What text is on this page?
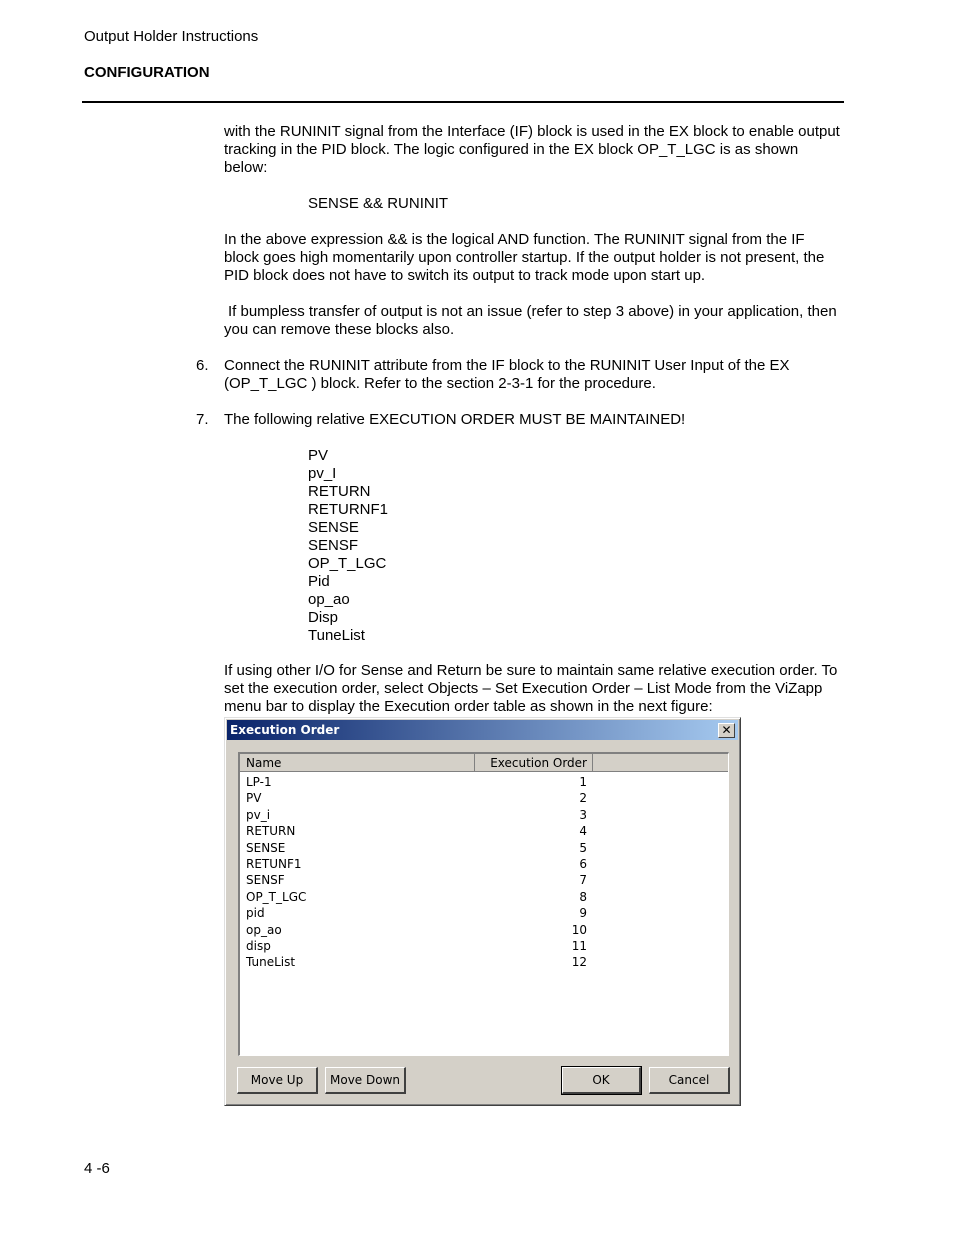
Output Holder Instructions
CONFIGURATION

with the RUNINIT signal from the Interface (IF) block is used in the EX block to enable output tracking in the PID block. The logic configured in the EX block OP_T_LGC is as shown below:

SENSE && RUNINIT

In the above expression && is the logical AND function. The RUNINIT signal from the IF block goes high momentarily upon controller startup. If the output holder is not present, the PID block does not have to switch its output to track mode upon start up.

If bumpless transfer of output is not an issue (refer to step 3 above) in your application, then you can remove these blocks also.

6. Connect the RUNINIT attribute from the IF block to the RUNINIT User Input of the EX (OP_T_LGC ) block. Refer to the section 2-3-1 for the procedure.

7. The following relative EXECUTION ORDER MUST BE MAINTAINED!

PV
pv_I
RETURN
RETURNF1
SENSE
SENSF
OP_T_LGC
Pid
op_ao
Disp
TuneList

If using other I/O for Sense and Return be sure to maintain same relative execution order. To set the execution order, select Objects – Set Execution Order – List Mode from the ViZapp menu bar to display the Execution order table as shown in the next figure:

Execution Order	✕
Name	Execution Order
LP-1	1
PV	2
pv_i	3
RETURN	4
SENSE	5
RETUNF1	6
SENSF	7
OP_T_LGC	8
pid	9
op_ao	10
disp	11
TuneList	12
Move Up	Move Down	OK	Cancel
4 -6
